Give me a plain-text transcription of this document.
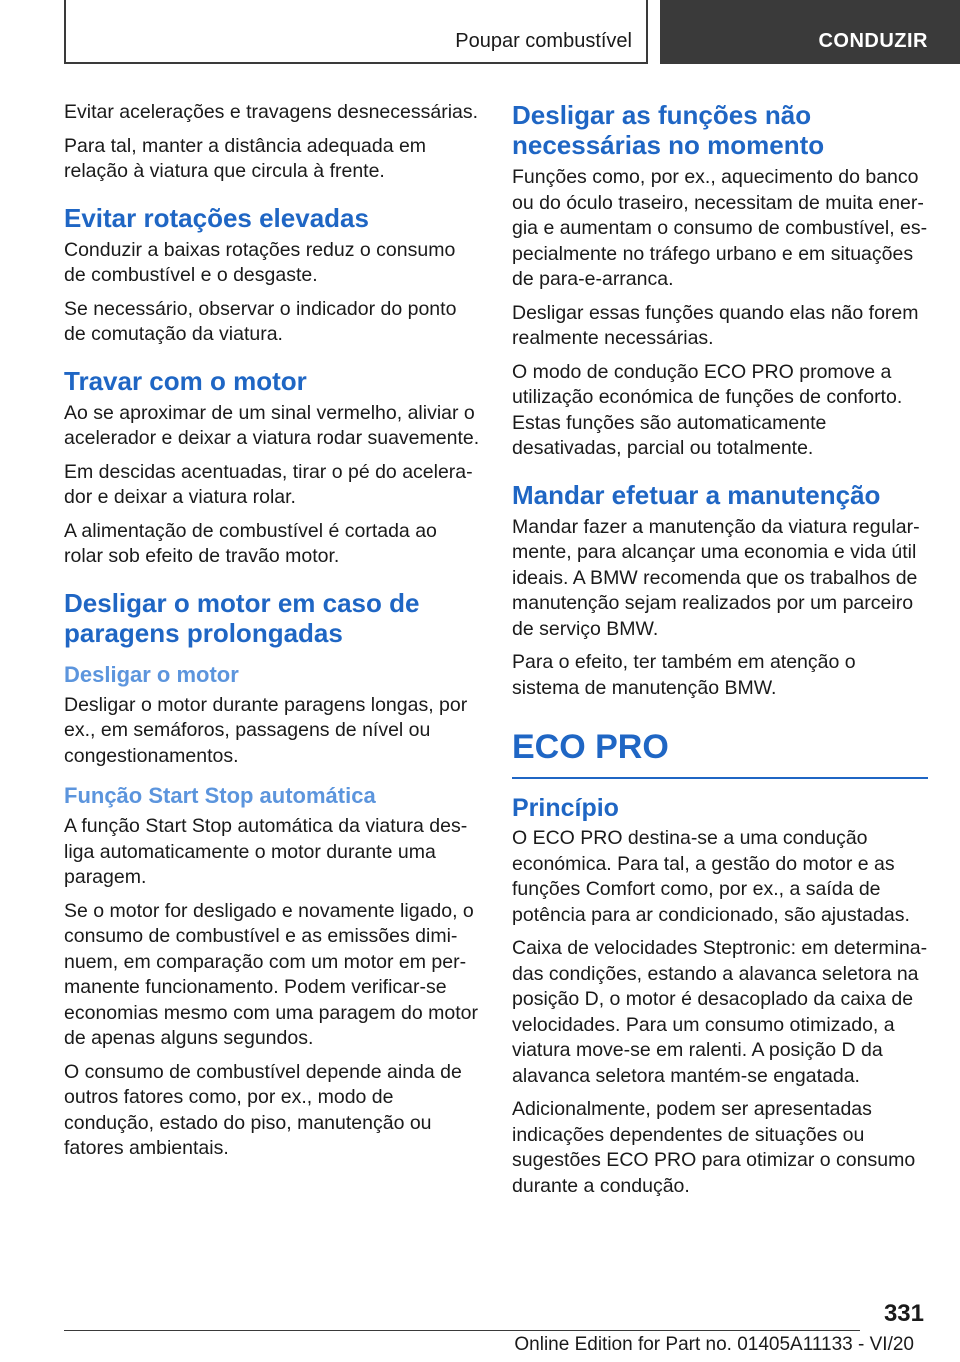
Poupar combustível	CONDUZIR

Evitar acelerações e travagens desnecessárias.

Para tal, manter a distância adequada em relação à viatura que circula à frente.

Evitar rotações elevadas

Conduzir a baixas rotações reduz o consumo de combustível e o desgaste.

Se necessário, observar o indicador do ponto de comutação da viatura.

Travar com o motor

Ao se aproximar de um sinal vermelho, aliviar o acelerador e deixar a viatura rodar suavemente.

Em descidas acentuadas, tirar o pé do acelerador e deixar a viatura rolar.

A alimentação de combustível é cortada ao rolar sob efeito de travão motor.

Desligar o motor em caso de paragens prolongadas
Desligar o motor

Desligar o motor durante paragens longas, por ex., em semáforos, passagens de nível ou congestionamentos.

Função Start Stop automática

A função Start Stop automática da viatura desliga automaticamente o motor durante uma paragem.

Se o motor for desligado e novamente ligado, o consumo de combustível e as emissões diminuem, em comparação com um motor em permanente funcionamento. Podem verificar-se economias mesmo com uma paragem do motor de apenas alguns segundos.

O consumo de combustível depende ainda de outros fatores como, por ex., modo de condução, estado do piso, manutenção ou fatores ambientais.

Desligar as funções não necessárias no momento

Funções como, por ex., aquecimento do banco ou do óculo traseiro, necessitam de muita energia e aumentam o consumo de combustível, especialmente no tráfego urbano e em situações de para-e-arranca.

Desligar essas funções quando elas não forem realmente necessárias.

O modo de condução ECO PRO promove a utilização económica de funções de conforto. Estas funções são automaticamente desativadas, parcial ou totalmente.

Mandar efetuar a manutenção

Mandar fazer a manutenção da viatura regularmente, para alcançar uma economia e vida útil ideais. A BMW recomenda que os trabalhos de manutenção sejam realizados por um parceiro de serviço BMW.

Para o efeito, ter também em atenção o sistema de manutenção BMW.

ECO PRO
Princípio

O ECO PRO destina-se a uma condução económica. Para tal, a gestão do motor e as funções Comfort como, por ex., a saída de potência para ar condicionado, são ajustadas.

Caixa de velocidades Steptronic: em determinadas condições, estando a alavanca seletora na posição D, o motor é desacoplado da caixa de velocidades. Para um consumo otimizado, a viatura move-se em ralenti. A posição D da alavanca seletora mantém-se engatada.

Adicionalmente, podem ser apresentadas indicações dependentes de situações ou sugestões ECO PRO para otimizar o consumo durante a condução.

331
Online Edition for Part no. 01405A11133 - VI/20
